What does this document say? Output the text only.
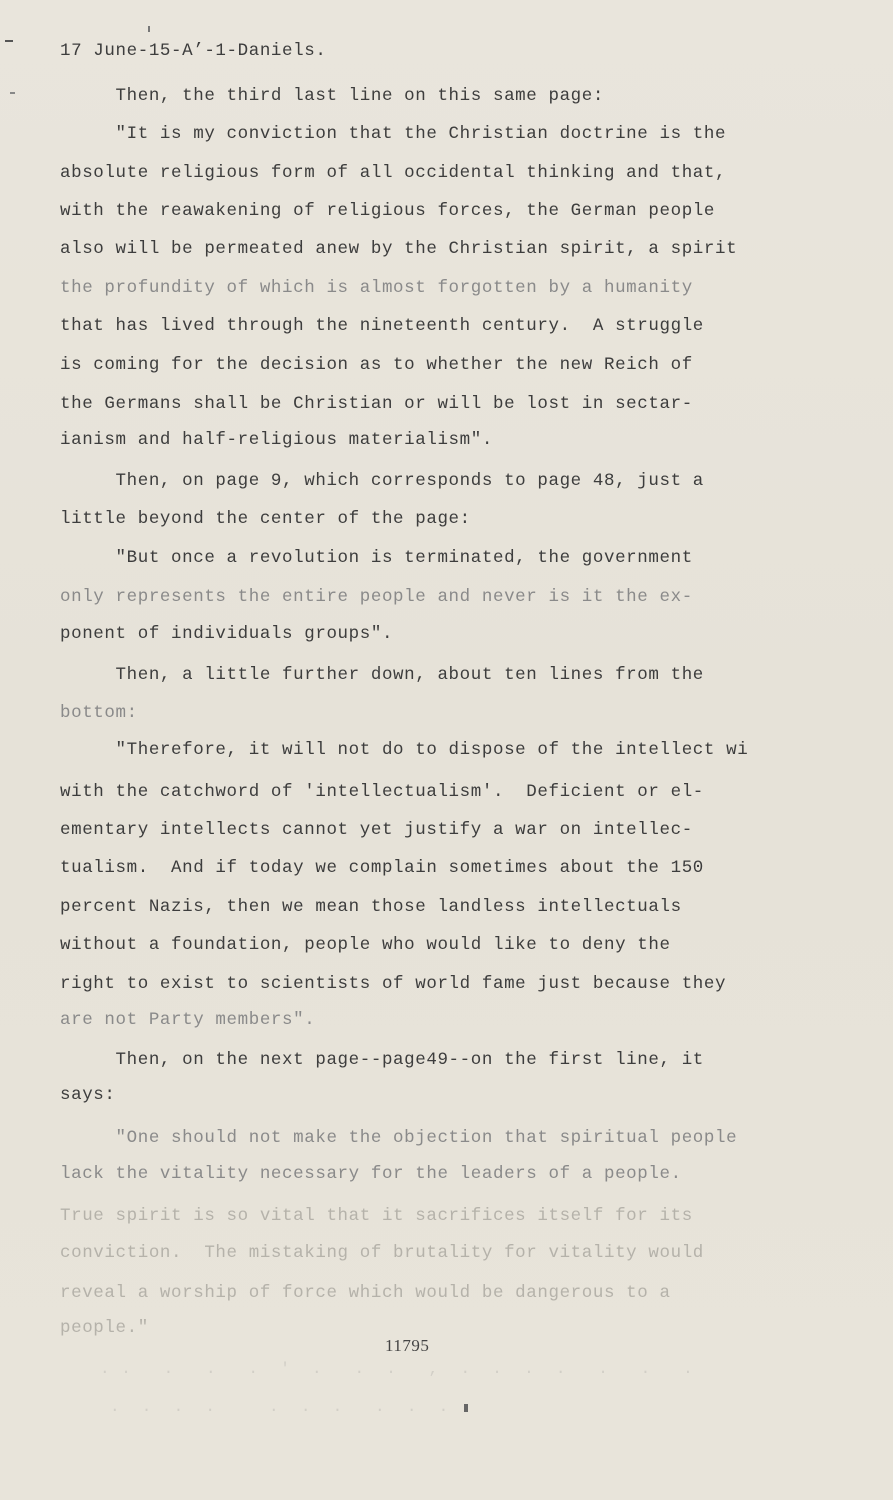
17 June-15-A’-1-Daniels.
Then, the third last line on this same page:
"It is my conviction that the Christian doctrine is the
absolute religious form of all occidental thinking and that,
with the reawakening of religious forces, the German people
also will be permeated anew by the Christian spirit, a spirit
the profundity of which is almost forgotten by a humanity
that has lived through the nineteenth century.  A struggle
is coming for the decision as to whether the new Reich of
the Germans shall be Christian or will be lost in sectar-
ianism and half-religious materialism".
Then, on page 9, which corresponds to page 48, just a
little beyond the center of the page:
"But once a revolution is terminated, the government
only represents the entire people and never is it the ex-
ponent of individuals groups".
Then, a little further down, about ten lines from the
bottom:
"Therefore, it will not do to dispose of the intellect wi
with the catchword of 'intellectualism'.  Deficient or el-
ementary intellects cannot yet justify a war on intellec-
tualism.  And if today we complain sometimes about the 150
percent Nazis, then we mean those landless intellectuals
without a foundation, people who would like to deny the
right to exist to scientists of world fame just because they
are not Party members".
Then, on the next page--page49--on the first line, it
says:
"One should not make the objection that spiritual people
lack the vitality necessary for the leaders of a people.
True spirit is so vital that it sacrifices itself for its
conviction.  The mistaking of brutality for vitality would
reveal a worship of force which would be dangerous to a
people."
11795
. .   .   .   .  '  .   .  .   ,  .  .  .  .   .   .   .
.  .  .  .     .  .  .   .  .  .
